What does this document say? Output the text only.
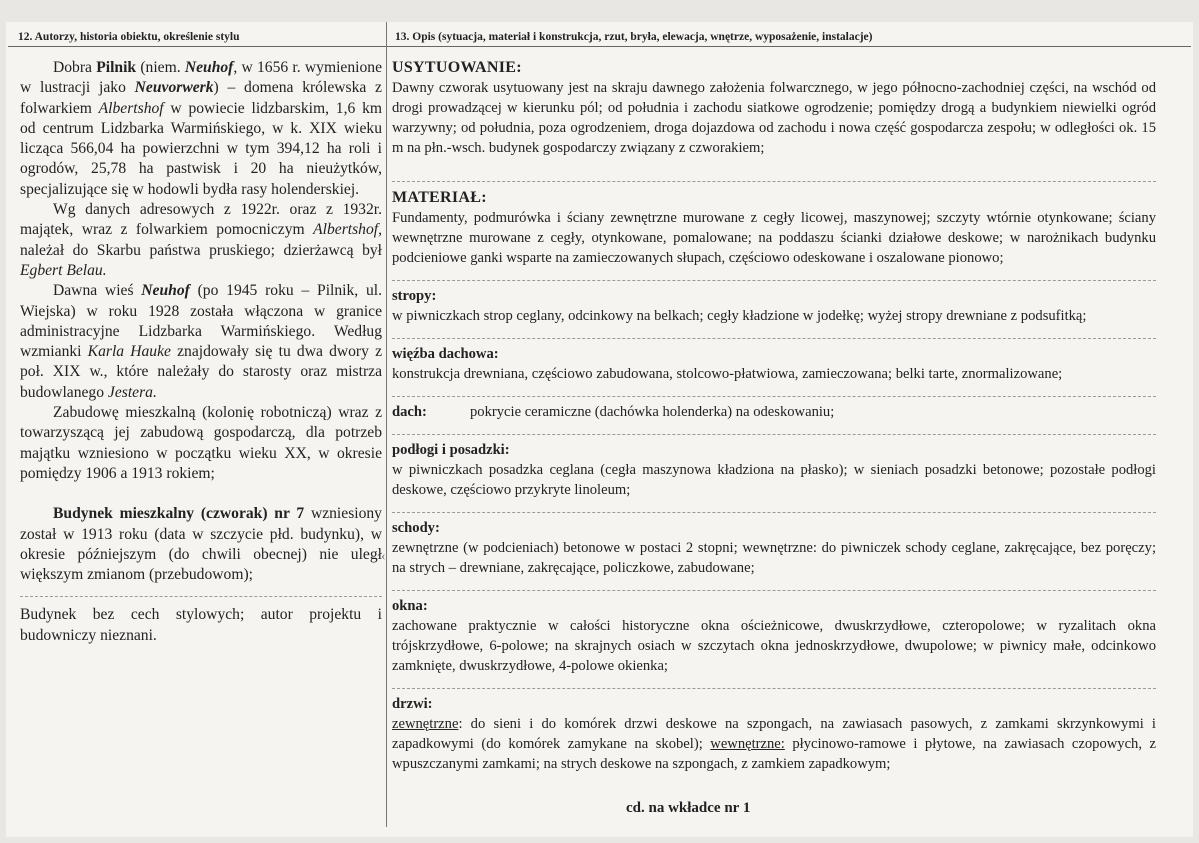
12. Autorzy, historia obiektu, określenie stylu	13. Opis (sytuacja, materiał i konstrukcja, rzut, bryła, elewacja, wnętrze, wyposażenie, instalacje)
‹

Dobra Pilnik (niem. Neuhof, w 1656 r. wymienione w lustracji jako Neuvorwerk) – domena królewska z folwarkiem Albertshof w powiecie lidzbarskim, 1,6 km od centrum Lidzbarka Warmińskiego, w k. XIX wieku licząca 566,04 ha powierzchni w tym 394,12 ha roli i ogrodów, 25,78 ha pastwisk i 20 ha nieużytków, specjalizujące się w hodowli bydła rasy holenderskiej.

Wg danych adresowych z 1922r. oraz z 1932r. majątek, wraz z folwarkiem pomocniczym Albertshof, należał do Skarbu państwa pruskiego; dzierżawcą był Egbert Belau.

Dawna wieś Neuhof (po 1945 roku – Pilnik, ul. Wiejska) w roku 1928 została włączona w granice administracyjne Lidzbarka Warmińskiego. Według wzmianki Karla Hauke znajdowały się tu dwa dwory z poł. XIX w., które należały do starosty oraz mistrza budowlanego Jestera.

Zabudowę mieszkalną (kolonię robotniczą) wraz z towarzyszącą jej zabudową gospodarczą, dla potrzeb majątku wzniesiono w początku wieku XX, w okresie pomiędzy 1906 a 1913 rokiem;

Budynek mieszkalny (czworak) nr 7 wzniesiony został w 1913 roku (data w szczycie płd. budynku), w okresie późniejszym (do chwili obecnej) nie uległ większym zmianom (przebudowom);

Budynek bez cech stylowych; autor projektu i budowniczy nieznani.

USYTUOWANIE:

Dawny czworak usytuowany jest na skraju dawnego założenia folwarcznego, w jego północno-zachodniej części, na wschód od drogi prowadzącej w kierunku pól; od południa i zachodu siatkowe ogrodzenie; pomiędzy drogą a budynkiem niewielki ogród warzywny; od południa, poza ogrodzeniem, droga dojazdowa od zachodu i nowa część gospodarcza zespołu; w odległości ok. 15 m na płn.-wsch. budynek gospodarczy związany z czworakiem;

MATERIAŁ:

Fundamenty, podmurówka i ściany zewnętrzne murowane z cegły licowej, maszynowej; szczyty wtórnie otynkowane; ściany wewnętrzne murowane z cegły, otynkowane, pomalowane; na poddaszu ścianki działowe deskowe; w narożnikach budynku podcieniowe ganki wsparte na zamieczowanych słupach, częściowo odeskowane i oszalowane pionowo;

stropy:

w piwniczkach strop ceglany, odcinkowy na belkach; cegły kładzione w jodełkę; wyżej stropy drewniane z podsufitką;

więźba dachowa:

konstrukcja drewniana, częściowo zabudowana, stolcowo-płatwiowa, zamieczowana; belki tarte, znormalizowane;

dach:	pokrycie ceramiczne (dachówka holenderka) na odeskowaniu;
podłogi i posadzki:

w piwniczkach posadzka ceglana (cegła maszynowa kładziona na płasko); w sieniach posadzki betonowe; pozostałe podłogi deskowe, częściowo przykryte linoleum;

schody:

zewnętrzne (w podcieniach) betonowe w postaci 2 stopni; wewnętrzne: do piwniczek schody ceglane, zakręcające, bez poręczy; na strych – drewniane, zakręcające, policzkowe, zabudowane;

okna:

zachowane praktycznie w całości historyczne okna ościeżnicowe, dwuskrzydłowe, czteropolowe; w ryzalitach okna trójskrzydłowe, 6-polowe; na skrajnych osiach w szczytach okna jednoskrzydłowe, dwupolowe; w piwnicy małe, odcinkowo zamknięte, dwuskrzydłowe, 4-polowe okienka;

drzwi:

zewnętrzne: do sieni i do komórek drzwi deskowe na szpongach, na zawiasach pasowych, z zamkami skrzynkowymi i zapadkowymi (do komórek zamykane na skobel); wewnętrzne: płycinowo-ramowe i płytowe, na zawiasach czopowych, z wpuszczanymi zamkami; na strych deskowe na szpongach, z zamkiem zapadkowym;

cd. na wkładce nr 1
